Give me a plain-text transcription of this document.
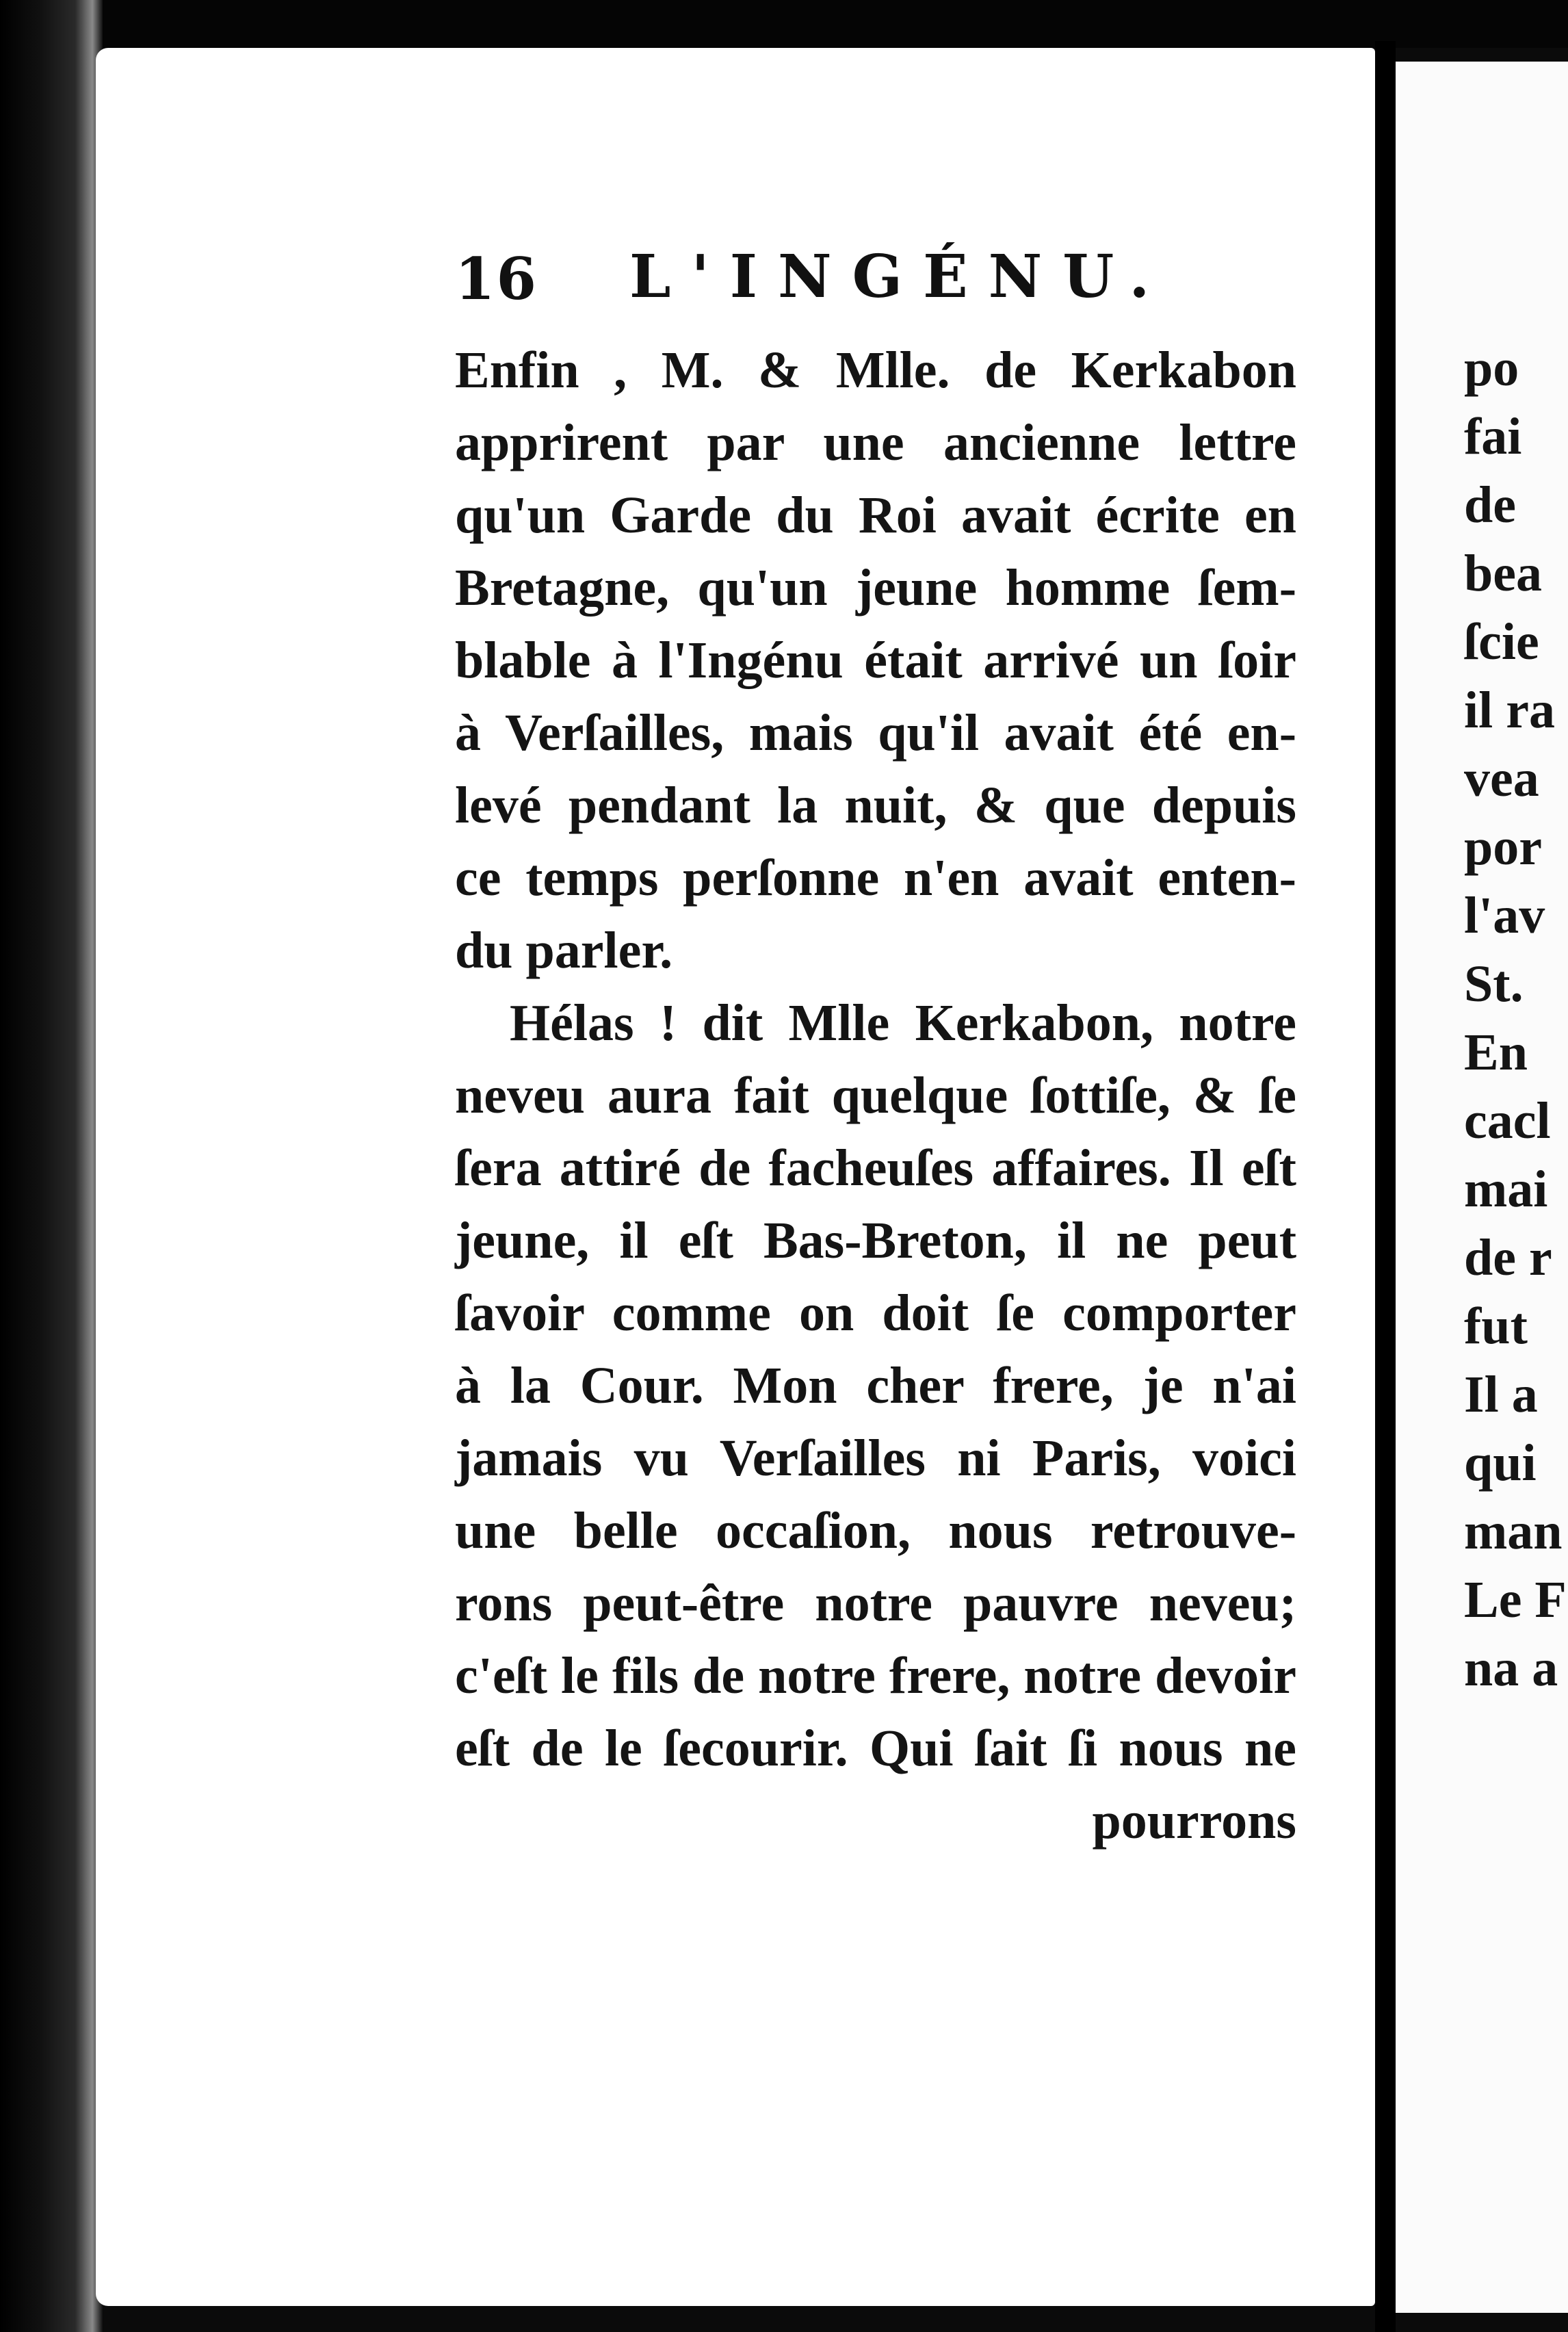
16 L'INGÉNU.
Enfin , M. & Mlle. de Kerkabon
apprirent par une ancienne lettre
qu'un Garde du Roi avait écrite en
Bretagne, qu'un jeune homme ſem-
blable à l'Ingénu était arrivé un ſoir
à Verſailles, mais qu'il avait été en-
levé pendant la nuit, & que depuis
ce temps perſonne n'en avait enten-
du parler.
Hélas ! dit Mlle Kerkabon, notre
neveu aura fait quelque ſottiſe, & ſe
ſera attiré de facheuſes affaires. Il eſt
jeune, il eſt Bas-Breton, il ne peut
ſavoir comme on doit ſe comporter
à la Cour. Mon cher frere, je n'ai
jamais vu Verſailles ni Paris, voici
une belle occaſion, nous retrouve-
rons peut-être notre pauvre neveu;
c'eſt le fils de notre frere, notre devoir
eſt de le ſecourir. Qui ſait ſi nous ne
pourrons
po
fai
de
bea
ſcie
il ra
vea
por
l'av
St.
En
cacl
mai
de r
fut
Il a
qui
man
Le F
na a
